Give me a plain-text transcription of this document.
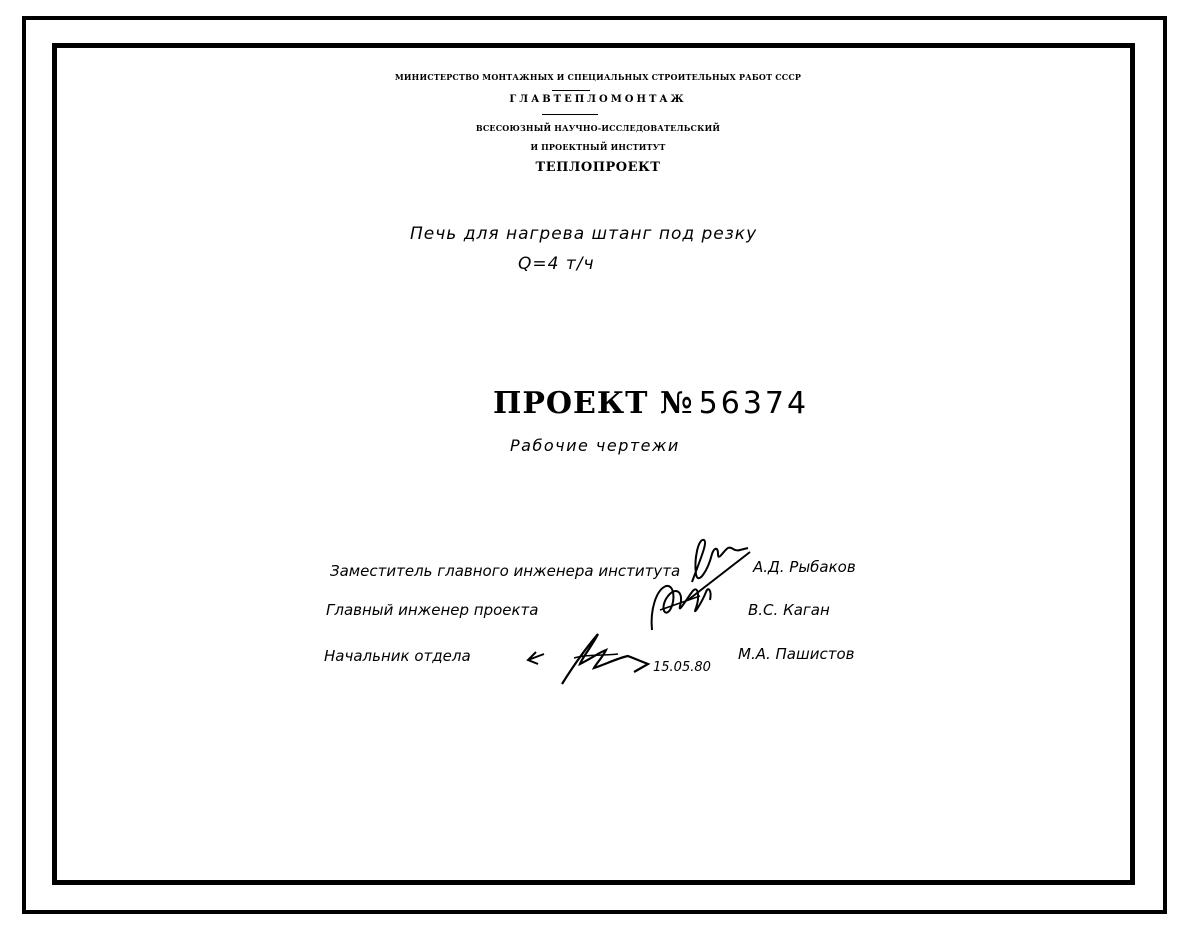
МИНИСТЕРСТВО МОНТАЖНЫХ И СПЕЦИАЛЬНЫХ СТРОИТЕЛЬНЫХ РАБОТ СССР
ГЛАВТЕПЛОМОНТАЖ
ВСЕСОЮЗНЫЙ НАУЧНО-ИССЛЕДОВАТЕЛЬСКИЙ
И ПРОЕКТНЫЙ ИНСТИТУТ
ТЕПЛОПРОЕКТ
Печь для нагрева штанг под резку
Q=4 т/ч
ПРОЕКТ № 56374
Рабочие чертежи
Заместитель главного инженера института	А.Д. Рыбаков
Главный инженер проекта	В.С. Каган
Начальник отдела
15.05.80
М.А. Пашистов
